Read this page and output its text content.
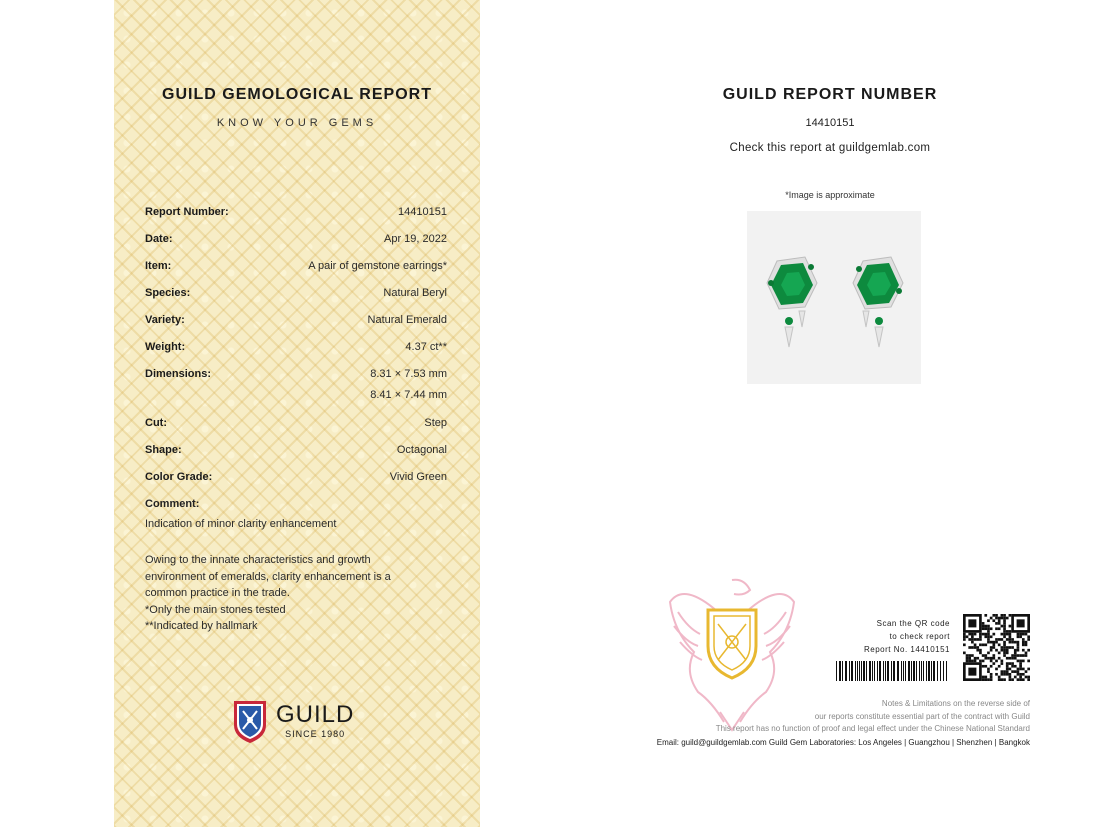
GUILD GEMOLOGICAL REPORT
KNOW YOUR GEMS
Report Number:	14410151
Date:	Apr 19, 2022
Item:	A pair of gemstone earrings*
Species:	Natural Beryl
Variety:	Natural Emerald
Weight:	4.37 ct**
Dimensions:	8.31 × 7.53 mm
8.41 × 7.44 mm
Cut:	Step
Shape:	Octagonal
Color Grade:	Vivid Green
Comment:
Indication of minor clarity enhancement

Owing to the innate characteristics and growth

environment of emeralds, clarity enhancement is a

common practice in the trade.

*Only the main stones tested

**Indicated by hallmark

GUILD
SINCE 1980
GUILD REPORT NUMBER
14410151
Check this report at guildgemlab.com
*Image is approximate
Scan the QR code
to check report
Report No. 14410151
Notes & Limitations on the reverse side of
our reports constitute essential part of the contract with Guild
This report has no function of proof and legal effect under the Chinese National Standard
Email: guild@guildgemlab.com Guild Gem Laboratories: Los Angeles | Guangzhou | Shenzhen | Bangkok
